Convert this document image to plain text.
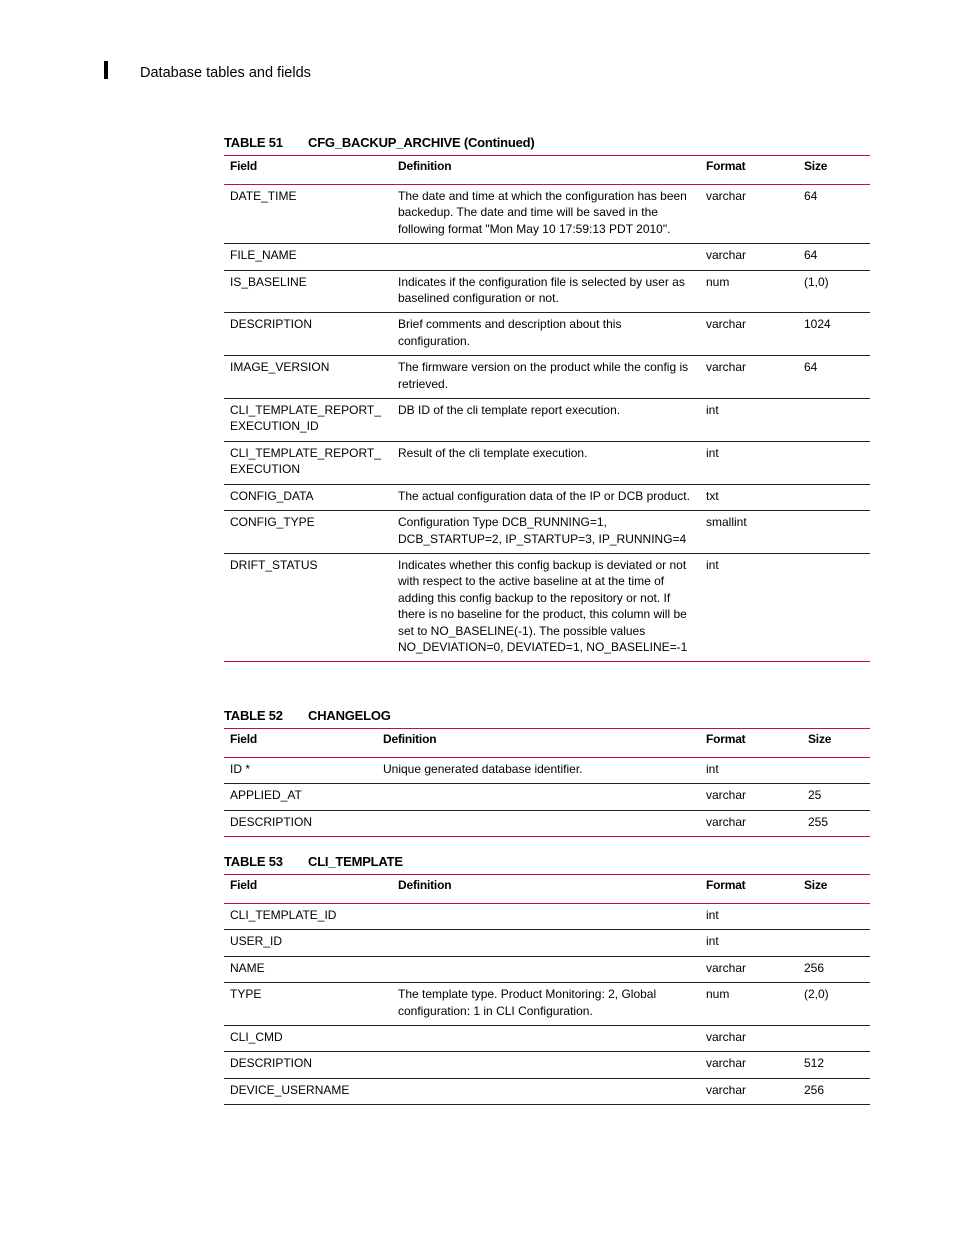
Database tables and fields
TABLE 51 CFG_BACKUP_ARCHIVE (Continued)
Field	Definition	Format	Size
DATE_TIME	The date and time at which the configuration has been backedup. The date and time will be saved in the following format "Mon May 10 17:59:13 PDT 2010".	varchar	64
FILE_NAME		varchar	64
IS_BASELINE	Indicates if the configuration file is selected by user as baselined configuration or not.	num	(1,0)
DESCRIPTION	Brief comments and description about this configuration.	varchar	1024
IMAGE_VERSION	The firmware version on the product while the config is retrieved.	varchar	64
CLI_TEMPLATE_REPORT_EXECUTION_ID	DB ID of the cli template report execution.	int	
CLI_TEMPLATE_REPORT_EXECUTION	Result of the cli template execution.	int	
CONFIG_DATA	The actual configuration data of the IP or DCB product.	txt	
CONFIG_TYPE	Configuration Type DCB_RUNNING=1, DCB_STARTUP=2, IP_STARTUP=3, IP_RUNNING=4	smallint	
DRIFT_STATUS	Indicates whether this config backup is deviated or not with respect to the active baseline at at the time of adding this config backup to the repository or not. If there is no baseline for the product, this column will be set to NO_BASELINE(-1). The possible values NO_DEVIATION=0, DEVIATED=1, NO_BASELINE=-1	int	
TABLE 52 CHANGELOG
Field	Definition	Format	Size
ID *	Unique generated database identifier.	int	
APPLIED_AT		varchar	25
DESCRIPTION		varchar	255
TABLE 53 CLI_TEMPLATE
Field	Definition	Format	Size
CLI_TEMPLATE_ID		int	
USER_ID		int	
NAME		varchar	256
TYPE	The template type. Product Monitoring: 2, Global configuration: 1 in CLI Configuration.	num	(2,0)
CLI_CMD		varchar	
DESCRIPTION		varchar	512
DEVICE_USERNAME		varchar	256
